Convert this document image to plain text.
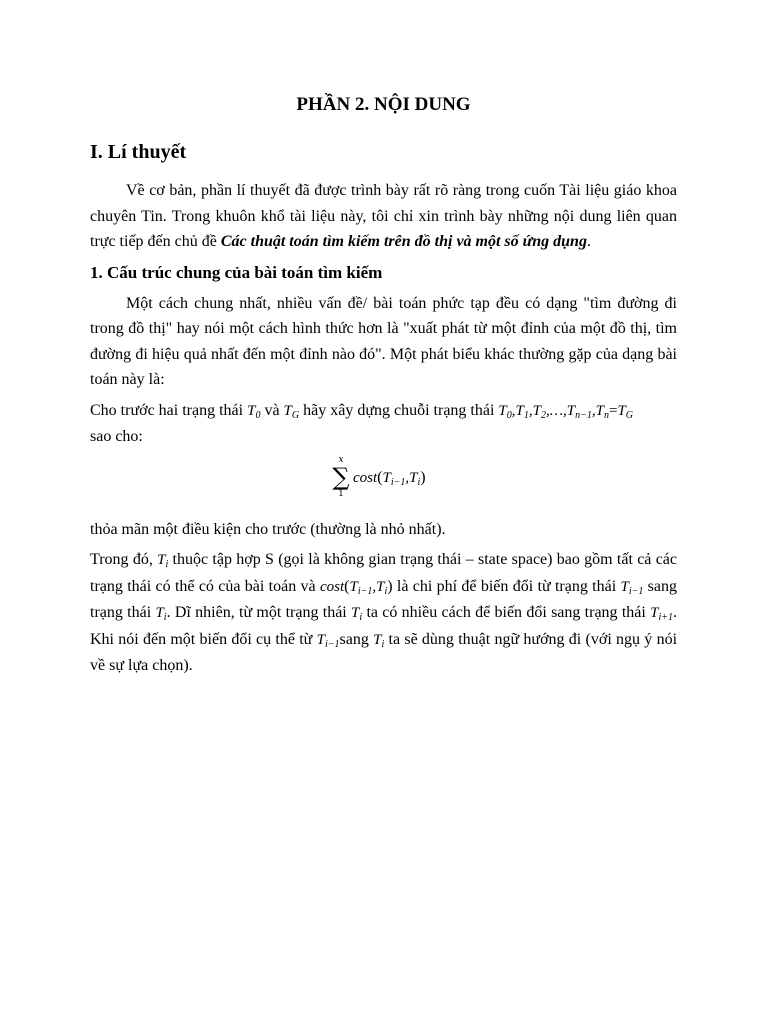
PHẦN 2. NỘI DUNG
I. Lí thuyết

Về cơ bản, phần lí thuyết đã được trình bày rất rõ ràng trong cuốn Tài liệu giáo khoa chuyên Tin. Trong khuôn khổ tài liệu này, tôi chỉ xin trình bày những nội dung liên quan trực tiếp đến chủ đề Các thuật toán tìm kiếm trên đồ thị và một số ứng dụng.

1. Cấu trúc chung của bài toán tìm kiếm

Một cách chung nhất, nhiều vấn đề/ bài toán phức tạp đều có dạng "tìm đường đi trong đồ thị" hay nói một cách hình thức hơn là "xuất phát từ một đỉnh của một đồ thị, tìm đường đi hiệu quả nhất đến một đỉnh nào đó". Một phát biểu khác thường gặp của dạng bài toán này là:

Cho trước hai trạng thái $T_0$ và $T_G$ hãy xây dựng chuỗi trạng thái $T_0,T_1,T_2,\dots,T_{n-1},T_n=T_G$
sao cho:

x
∑
1
$\cos t(T_{i-1},T_i)$

thỏa mãn một điều kiện cho trước (thường là nhỏ nhất).

Trong đó, $T_i$ thuộc tập hợp S (gọi là không gian trạng thái – state space) bao gồm tất cả các trạng thái có thể có của bài toán và $\cos t(T_{i-1},T_i)$ là chi phí để biến đổi từ trạng thái $T_{i-1}$ sang trạng thái $T_i$. Dĩ nhiên, từ một trạng thái $T_i$ ta có nhiều cách để biến đổi sang trạng thái $T_{i+1}$. Khi nói đến một biến đổi cụ thể từ $T_{i-1}sang$ $T_i$ ta sẽ dùng thuật ngữ hướng đi (với ngụ ý nói về sự lựa chọn).
